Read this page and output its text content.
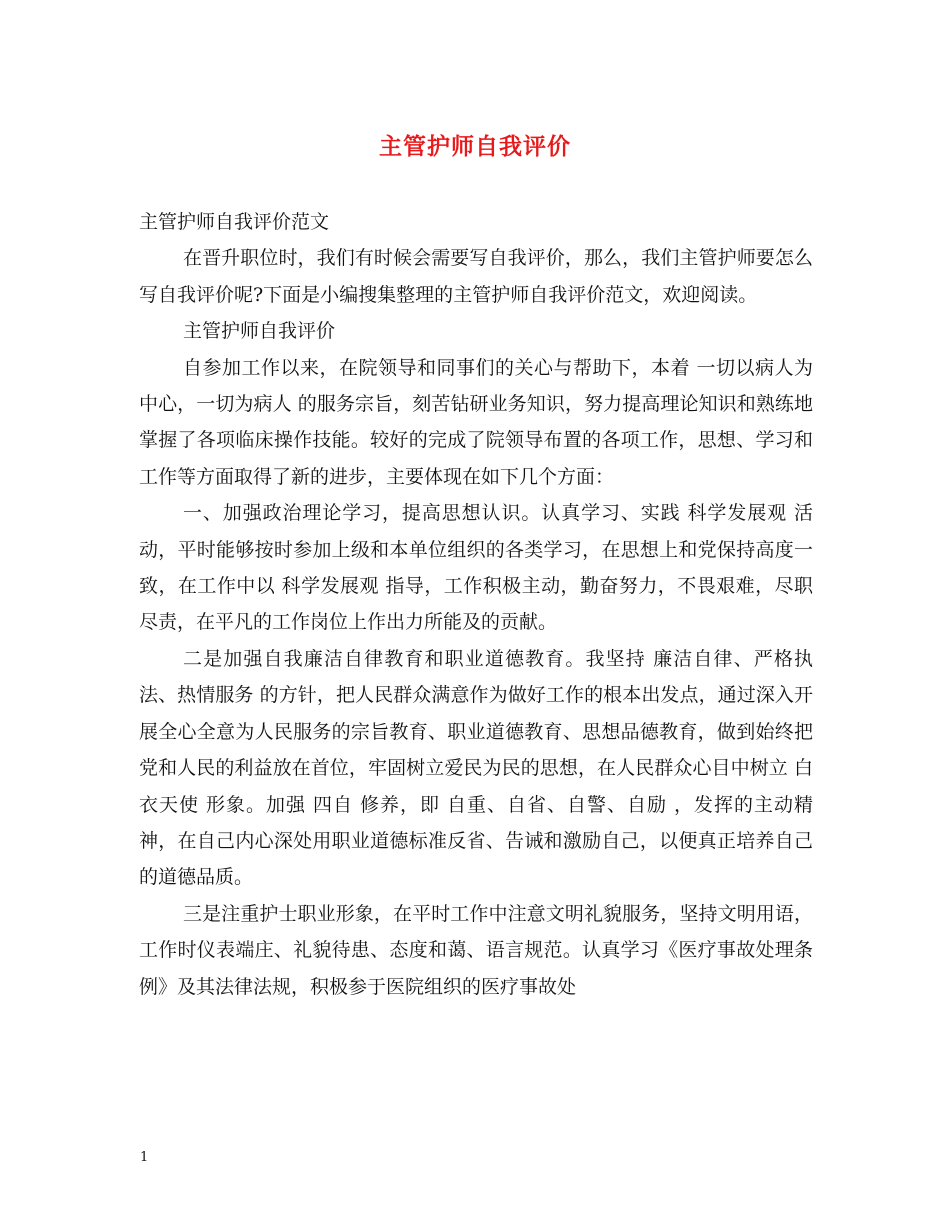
主管护师自我评价

主管护师自我评价范文

在晋升职位时，我们有时候会需要写自我评价，那么，我们主管护师要怎么写自我评价呢?下面是小编搜集整理的主管护师自我评价范文，欢迎阅读。

主管护师自我评价

自参加工作以来，在院领导和同事们的关心与帮助下，本着 一切以病人为中心，一切为病人 的服务宗旨，刻苦钻研业务知识，努力提高理论知识和熟练地掌握了各项临床操作技能。较好的完成了院领导布置的各项工作，思想、学习和工作等方面取得了新的进步，主要体现在如下几个方面：

一、加强政治理论学习，提高思想认识。认真学习、实践 科学发展观 活动，平时能够按时参加上级和本单位组织的各类学习，在思想上和党保持高度一致，在工作中以 科学发展观 指导，工作积极主动，勤奋努力，不畏艰难，尽职尽责，在平凡的工作岗位上作出力所能及的贡献。

二是加强自我廉洁自律教育和职业道德教育。我坚持 廉洁自律、严格执法、热情服务 的方针，把人民群众满意作为做好工作的根本出发点，通过深入开展全心全意为人民服务的宗旨教育、职业道德教育、思想品德教育，做到始终把党和人民的利益放在首位，牢固树立爱民为民的思想，在人民群众心目中树立 白衣天使 形象。加强 四自 修养，即 自重、自省、自警、自励 ，发挥的主动精神，在自己内心深处用职业道德标准反省、告诫和激励自己，以便真正培养自己的道德品质。

三是注重护士职业形象，在平时工作中注意文明礼貌服务，坚持文明用语，工作时仪表端庄、礼貌待患、态度和蔼、语言规范。认真学习《医疗事故处理条例》及其法律法规，积极参于医院组织的医疗事故处

1
